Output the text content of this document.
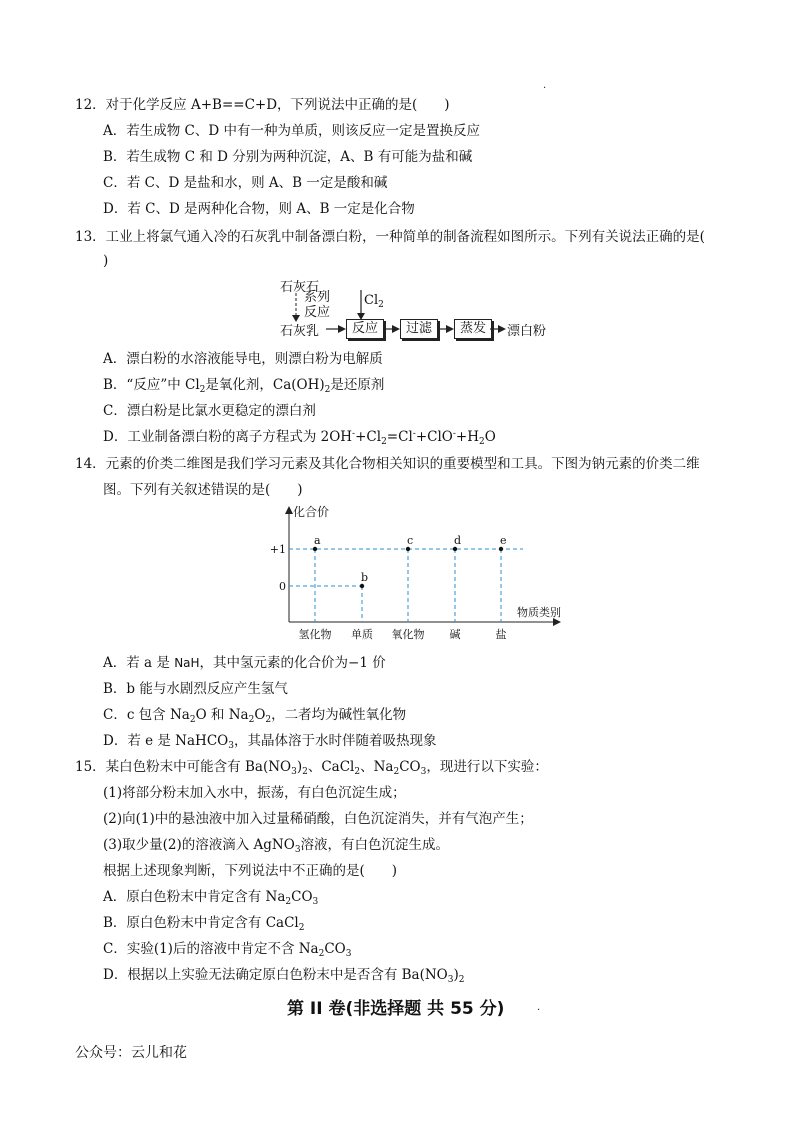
.
12．对于化学反应 A+B==C+D，下列说法中正确的是(　　)
A．若生成物 C、D 中有一种为单质，则该反应一定是置换反应
B．若生成物 C 和 D 分别为两种沉淀，A、B 有可能为盐和碱
C．若 C、D 是盐和水，则 A、B 一定是酸和碱
D．若 C、D 是两种化合物，则 A、B 一定是化合物
13．工业上将氯气通入冷的石灰乳中制备漂白粉，一种简单的制备流程如图所示。下列有关说法正确的是(
)
石灰石
系列
反应
石灰乳
$Cl_2$
反应	过滤	蒸发	漂白粉
A．漂白粉的水溶液能导电，则漂白粉为电解质
B．“反应”中 $Cl_2$是氧化剂，$Ca(OH)_2$是还原剂
C．漂白粉是比氯水更稳定的漂白剂
D．工业制备漂白粉的离子方程式为 $2OH^-+Cl_2=Cl^-+ClO^-+H_2O$
14．元素的价类二维图是我们学习元素及其化合物相关知识的重要模型和工具。下图为钠元素的价类二维
图。下列有关叙述错误的是(　　)
化合价
物质类别
+1
0
氢化物 单质 氧化物 碱	盐
a
b
c	d	e
A．若 a 是 NaH，其中氢元素的化合价为−1 价
B．b 能与水剧烈反应产生氢气
C．c 包含 $Na_2O$ 和 $Na_2O_2$，二者均为碱性氧化物
D．若 e 是 NaHCO$_3$，其晶体溶于水时伴随着吸热现象
15．某白色粉末中可能含有 $Ba(NO_3)_2$、CaCl$_2$、$Na_2CO_3$，现进行以下实验：
(1)将部分粉末加入水中，振荡，有白色沉淀生成；
(2)向(1)中的悬浊液中加入过量稀硝酸，白色沉淀消失，并有气泡产生；
(3)取少量(2)的溶液滴入 AgNO$_3$溶液，有白色沉淀生成。
根据上述现象判断，下列说法中不正确的是(　　)
A．原白色粉末中肯定含有 $Na_2CO_3$
B．原白色粉末中肯定含有 CaCl$_2$
C．实验(1)后的溶液中肯定不含 $Na_2CO_3$
D．根据以上实验无法确定原白色粉末中是否含有 $Ba(NO_3)_2$
第 II 卷(非选择题 共 55 分)	.
公众号：云儿和花
